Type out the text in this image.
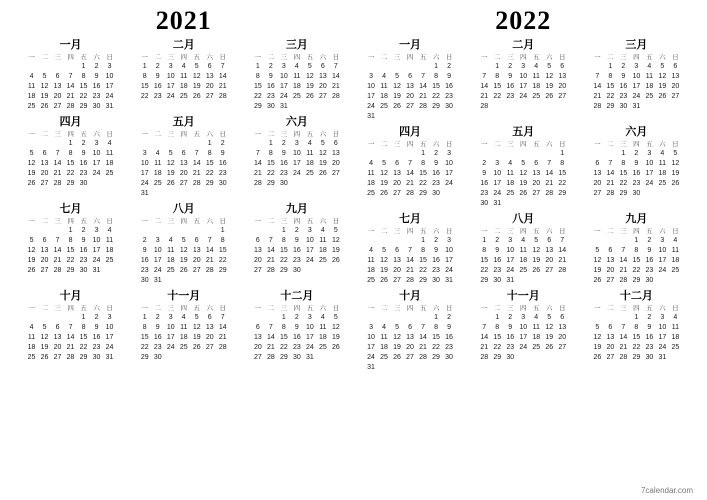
2021
一月
一	二	三	四	五	六	日
				1	2	3
4	5	6	7	8	9	10
11	12	13	14	15	16	17
18	19	20	21	22	23	24
25	26	27	28	29	30	31
二月
一	二	三	四	五	六	日
1	2	3	4	5	6	7
8	9	10	11	12	13	14
15	16	17	18	19	20	21
22	23	24	25	26	27	28
三月
一	二	三	四	五	六	日
1	2	3	4	5	6	7
8	9	10	11	12	13	14
15	16	17	18	19	20	21
22	23	24	25	26	27	28
29	30	31				
四月
一	二	三	四	五	六	日
			1	2	3	4
5	6	7	8	9	10	11
12	13	14	15	16	17	18
19	20	21	22	23	24	25
26	27	28	29	30		
五月
一	二	三	四	五	六	日
					1	2
3	4	5	6	7	8	9
10	11	12	13	14	15	16
17	18	19	20	21	22	23
24	25	26	27	28	29	30
31						
六月
一	二	三	四	五	六	日
	1	2	3	4	5	6
7	8	9	10	11	12	13
14	15	16	17	18	19	20
21	22	23	24	25	26	27
28	29	30				
七月
一	二	三	四	五	六	日
			1	2	3	4
5	6	7	8	9	10	11
12	13	14	15	16	17	18
19	20	21	22	23	24	25
26	27	28	29	30	31	
八月
一	二	三	四	五	六	日
						1
2	3	4	5	6	7	8
9	10	11	12	13	14	15
16	17	18	19	20	21	22
23	24	25	26	27	28	29
30	31					
九月
一	二	三	四	五	六	日
		1	2	3	4	5
6	7	8	9	10	11	12
13	14	15	16	17	18	19
20	21	22	23	24	25	26
27	28	29	30			
十月
一	二	三	四	五	六	日
				1	2	3
4	5	6	7	8	9	10
11	12	13	14	15	16	17
18	19	20	21	22	23	24
25	26	27	28	29	30	31
十一月
一	二	三	四	五	六	日
1	2	3	4	5	6	7
8	9	10	11	12	13	14
15	16	17	18	19	20	21
22	23	24	25	26	27	28
29	30					
十二月
一	二	三	四	五	六	日
		1	2	3	4	5
6	7	8	9	10	11	12
13	14	15	16	17	18	19
20	21	22	23	24	25	26
27	28	29	30	31		
2022
一月
一	二	三	四	五	六	日
					1	2
3	4	5	6	7	8	9
10	11	12	13	14	15	16
17	18	19	20	21	22	23
24	25	26	27	28	29	30
31						
二月
一	二	三	四	五	六	日
	1	2	3	4	5	6
7	8	9	10	11	12	13
14	15	16	17	18	19	20
21	22	23	24	25	26	27
28						
三月
一	二	三	四	五	六	日
	1	2	3	4	5	6
7	8	9	10	11	12	13
14	15	16	17	18	19	20
21	22	23	24	25	26	27
28	29	30	31			
四月
一	二	三	四	五	六	日
				1	2	3
4	5	6	7	8	9	10
11	12	13	14	15	16	17
18	19	20	21	22	23	24
25	26	27	28	29	30	
五月
一	二	三	四	五	六	日
						1
2	3	4	5	6	7	8
9	10	11	12	13	14	15
16	17	18	19	20	21	22
23	24	25	26	27	28	29
30	31					
六月
一	二	三	四	五	六	日
		1	2	3	4	5
6	7	8	9	10	11	12
13	14	15	16	17	18	19
20	21	22	23	24	25	26
27	28	29	30			
七月
一	二	三	四	五	六	日
				1	2	3
4	5	6	7	8	9	10
11	12	13	14	15	16	17
18	19	20	21	22	23	24
25	26	27	28	29	30	31
八月
一	二	三	四	五	六	日
1	2	3	4	5	6	7
8	9	10	11	12	13	14
15	16	17	18	19	20	21
22	23	24	25	26	27	28
29	30	31				
九月
一	二	三	四	五	六	日
			1	2	3	4
5	6	7	8	9	10	11
12	13	14	15	16	17	18
19	20	21	22	23	24	25
26	27	28	29	30		
十月
一	二	三	四	五	六	日
					1	2
3	4	5	6	7	8	9
10	11	12	13	14	15	16
17	18	19	20	21	22	23
24	25	26	27	28	29	30
31						
十一月
一	二	三	四	五	六	日
	1	2	3	4	5	6
7	8	9	10	11	12	13
14	15	16	17	18	19	20
21	22	23	24	25	26	27
28	29	30				
十二月
一	二	三	四	五	六	日
			1	2	3	4
5	6	7	8	9	10	11
12	13	14	15	16	17	18
19	20	21	22	23	24	25
26	27	28	29	30	31	
7calendar.com
